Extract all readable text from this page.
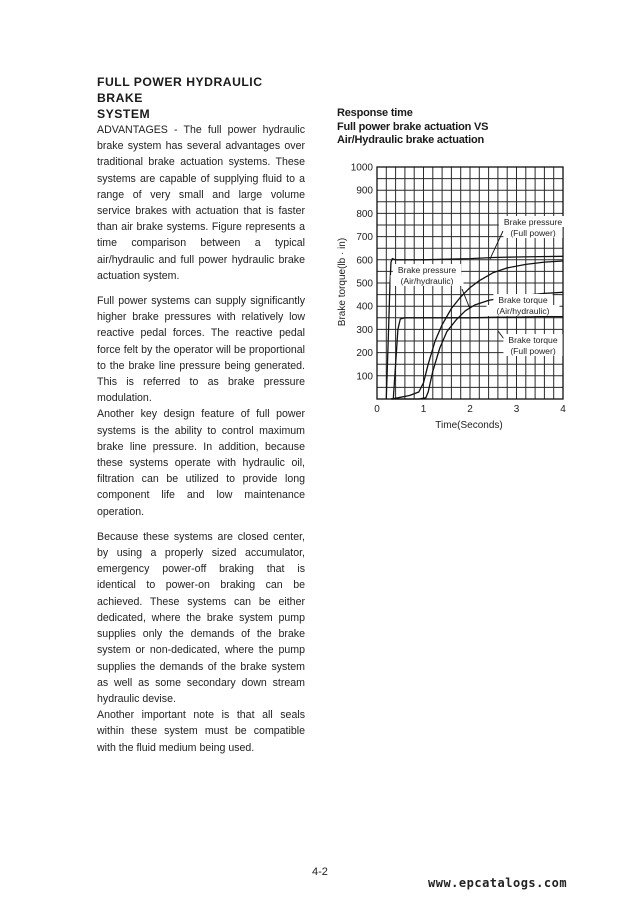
FULL POWER HYDRAULIC BRAKE

SYSTEM

ADVANTAGES - The full power hydraulic brake system has several advantages over traditional brake actuation systems. These systems are capable of supplying fluid to a range of very small and large volume service brakes with actuation that is faster than air brake systems. Figure represents a time comparison between a typical air/hydraulic and full power hydraulic brake actuation system.

Full power systems can supply significantly higher brake pressures with relatively low reactive pedal forces. The reactive pedal force felt by the operator will be proportional to the brake line pressure being generated. This is referred to as brake pressure modulation.

Another key design feature of full power systems is the ability to control maximum brake line pressure. In addition, because these systems operate with hydraulic oil, filtration can be utilized to provide long component life and low maintenance operation.

Because these systems are closed center, by using a properly sized accumulator, emergency power-off braking that is identical to power-on braking can be achieved. These systems can be either dedicated, where the brake system pump supplies only the demands of the brake system or non-dedicated, where the pump supplies the demands of the brake system as well as some secondary down stream hydraulic devise.

Another important note is that all seals within these system must be compatible with the fluid medium being used.

Response time
Full power brake actuation VS
Air/Hydraulic brake actuation
100
200
300
400
500
600
700
800
900
1000
0	1	2	3	4
Brake pressure
(Full power)
Brake pressure
(Air/hydraulic)
Brake torque
(Air/hydraulic)
Brake torque
(Full power)
Time(Seconds)
Brake torque(lb · in)
4-2
www.epcatalogs.com
